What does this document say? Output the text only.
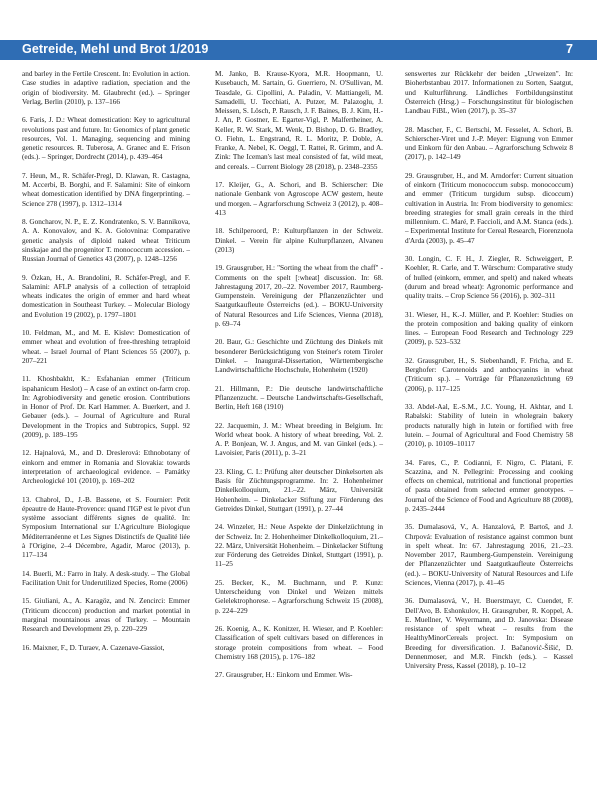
Getreide, Mehl und Brot 1/2019	7

and barley in the Fertile Crescent. In: Evolution in action. Case studies in adaptive radiation, speciation and the origin of biodiversity. M. Glaubrecht (ed.). – Springer Verlag, Berlin (2010), p. 137–166

6. Faris, J. D.: Wheat domestication: Key to agricultural revolutions past and future. In: Genomics of plant genetic resources, Vol. 1. Managing, sequencing and mining genetic resources. R. Tuberosa, A. Granec and E. Frison (eds.). – Springer, Dordrecht (2014), p. 439–464

7. Heun, M., R. Schäfer-Pregl, D. Klawan, R. Castagna, M. Accerbi, B. Borghi, and F. Salamini: Site of einkorn wheat domestication identified by DNA fingerprinting. – Science 278 (1997), p. 1312–1314

8. Goncharov, N. P., E. Z. Kondratenko, S. V. Bannikova, A. A. Konovalov, and K. A. Golovnina: Comparative genetic analysis of diploid naked wheat Triticum sinskajae and the progenitor T. monococcum accession. – Russian Journal of Genetics 43 (2007), p. 1248–1256

9. Özkan, H., A. Brandolini, R. Schäfer-Pregl, and F. Salamini: AFLP analysis of a collection of tetraploid wheats indicates the origin of emmer and hard wheat domestication in Southeast Turkey. – Molecular Biology and Evolution 19 (2002), p. 1797–1801

10. Feldman, M., and M. E. Kislev: Domestication of emmer wheat and evolution of free-threshing tetraploid wheat. – Israel Journal of Plant Sciences 55 (2007), p. 207–221

11. Khoshbakht, K.: Esfahanian emmer (Triticum ispahanicum Heslot) – A case of an extinct on-farm crop. In: Agrobiodiversity and genetic erosion. Contributions in Honor of Prof. Dr. Karl Hammer. A. Buerkert, and J. Gebauer (eds.). – Journal of Agriculture and Rural Development in the Tropics and Subtropics, Suppl. 92 (2009), p. 189–195

12. Hajnalová, M., and D. Dreslerová: Ethnobotany of einkorn and emmer in Romania and Slovakia: towards interpretation of archaeological evidence. – Památky Archeologické 101 (2010), p. 169–202

13. Chabrol, D., J.-B. Bassene, et S. Fournier: Petit épeautre de Haute-Provence: quand l'IGP est le pivot d'un système associant différents signes de qualité. In: Symposium International sur L'Agriculture Biologique Méditerranéenne et Les Signes Distinctifs de Qualité liée à l'Origine, 2–4 Décembre, Agadir, Maroc (2013), p. 117–134

14. Buerli, M.: Farro in Italy. A desk-study. – The Global Facilitation Unit for Underutilized Species, Rome (2006)

15. Giuliani, A., A. Karagöz, and N. Zencirci: Emmer (Triticum dicoccon) production and market potential in marginal mountainous areas of Turkey. – Mountain Research and Development 29, p. 220–229

16. Maixner, F., D. Turaev, A. Cazenave-Gassiot,

M. Janko, B. Krause-Kyora, M.R. Hoopmann, U. Kusebauch, M. Sartain, G. Guerriero, N. O'Sullivan, M. Teasdale, G. Cipollini, A. Paladin, V. Mattiangeli, M. Samadelli, U. Tecchiati, A. Putzer, M. Palazoglu, J. Meissen, S. Lösch, P. Rausch, J. F. Baines, B. J. Kim, H.-J. An, P. Gostner, E. Egarter-Vigl, P. Malfertheiner, A. Keller, R. W. Stark, M. Wenk, D. Bishop, D. G. Bradley, O. Fiehn, L. Engstrand, R. L. Moritz, P. Doble, A. Franke, A. Nebel, K. Oeggl, T. Rattei, R. Grimm, and A. Zink: The Iceman's last meal consisted of fat, wild meat, and cereals. – Current Biology 28 (2018), p. 2348–2355

17. Kleijer, G., A. Schori, and B. Schierscher: Die nationale Genbank von Agroscope ACW gestern, heute und morgen. – Agrarforschung Schweiz 3 (2012), p. 408–413

18. Schilperoord, P.: Kulturpflanzen in der Schweiz. Dinkel. – Verein für alpine Kulturpflanzen, Alvaneu (2013)

19. Grausgruber, H.: "Sorting the wheat from the chaff" - Comments on the spelt [:wheat] discussion. In: 68. Jahrestagung 2017, 20.–22. November 2017, Raumberg-Gumpenstein. Vereinigung der Pflanzenzüchter und Saatgutkaufleute Österreichs (ed.). – BOKU-University of Natural Resources and Life Sciences, Vienna (2018), p. 69–74

20. Baur, G.: Geschichte und Züchtung des Dinkels mit besonderer Berücksichtigung von Steiner's rotem Tiroler Dinkel. – Inaugural-Dissertation, Württembergische Landwirtschaftliche Hochschule, Hohenheim (1920)

21. Hillmann, P.: Die deutsche landwirtschaftliche Pflanzenzucht. – Deutsche Landwirtschafts-Gesellschaft, Berlin, Heft 168 (1910)

22. Jacquemin, J. M.: Wheat breeding in Belgium. In: World wheat book. A history of wheat breeding, Vol. 2. A. P. Bonjean, W. J. Angus, and M. van Ginkel (eds.). – Lavoisier, Paris (2011), p. 3–21

23. Kling, C. I.: Prüfung alter deutscher Dinkelsorten als Basis für Züchtungsprogramme. In: 2. Hohenheimer Dinkelkolloquium, 21.–22. März, Universität Hohenheim. – Dinkelacker Stiftung zur Förderung des Getreides Dinkel, Stuttgart (1991), p. 27–44

24. Winzeler, H.: Neue Aspekte der Dinkelzüchtung in der Schweiz. In: 2. Hohenheimer Dinkelkolloquium, 21.–22. März, Universität Hohenheim. – Dinkelacker Stiftung zur Förderung des Getreides Dinkel, Stuttgart (1991), p. 11–25

25. Becker, K., M. Buchmann, und P. Kunz: Unterscheidung von Dinkel und Weizen mittels Gelelektrophorese. – Agrarforschung Schweiz 15 (2008), p. 224–229

26. Koenig, A., K. Konitzer, H. Wieser, and P. Koehler: Classification of spelt cultivars based on differences in storage protein compositions from wheat. – Food Chemistry 168 (2015), p. 176–182

27. Grausgruber, H.: Einkorn und Emmer. Wis-

senswertes zur Rückkehr der beiden „Urweizen". In: Bioherbstanbau 2017. Informationen zu Sorten, Saatgut, und Kulturführung. Ländliches Fortbildungsinstitut Österreich (Hrsg.) – Forschungsinstitut für biologischen Landbau FiBL, Wien (2017), p. 35–37

28. Mascher, F., C. Bertschi, M. Fesselet, A. Schori, B. Schierscher-Viret und J.-P. Meyer: Eignung von Emmer und Einkorn für den Anbau. – Agrarforschung Schweiz 8 (2017), p. 142–149

29. Grausgruber, H., and M. Arndorfer: Current situation of einkorn (Triticum monococcum subsp. monococcum) and emmer (Triticum turgidum subsp. dicoccum) cultivation in Austria. In: From biodiversity to genomics: breeding strategies for small grain cereals in the third millennium. C. Maré, P. Faccioli, and A.M. Stanca (eds.). – Experimental Institute for Cereal Research, Fiorenzuola d'Arda (2003), p. 45–47

30. Longin, C. F. H., J. Ziegler, R. Schweiggert, P. Koehler, R. Carle, and T. Würschum: Comparative study of hulled (einkorn, emmer, and spelt) and naked wheats (durum and bread wheat): Agronomic performance and quality traits. – Crop Science 56 (2016), p. 302–311

31. Wieser, H., K.-J. Müller, and P. Koehler: Studies on the protein composition and baking quality of einkorn lines. – European Food Research and Technology 229 (2009), p. 523–532

32. Grausgruber, H., S. Siebenhandl, F. Fricha, and E. Berghofer: Carotenoids and anthocyanins in wheat (Triticum sp.). – Vorträge für Pflanzenzüchtung 69 (2006), p. 117–125

33. Abdel-Aal, E.-S.M., J.C. Young, H. Akhtar, and I. Rabalski: Stability of lutein in wholegrain bakery products naturally high in lutein or fortified with free lutein. – Journal of Agricultural and Food Chemistry 58 (2010), p. 10109–10117

34. Fares, C., P. Codianni, F. Nigro, C. Platani, F. Scazzina, and N. Pellegrini: Processing and cooking effects on chemical, nutritional and functional properties of pasta obtained from selected emmer genotypes. – Journal of the Science of Food and Agriculture 88 (2008), p. 2435–2444

35. Dumalasová, V., A. Hanzalová, P. Bartoš, and J. Chrpová: Evaluation of resistance against common bunt in spelt wheat. In: 67. Jahrestagung 2016, 21.–23. November 2017, Raumberg-Gumpenstein. Vereinigung der Pflanzenzüchter und Saatgutkaufleute Österreichs (ed.). – BOKU-University of Natural Resources and Life Sciences, Vienna (2017), p. 41–45

36. Dumalasová, V., H. Buerstmayr, C. Cuendet, F. Dell'Avo, B. Eshonkulov, H. Grausgruber, R. Koppel, A. E. Muellner, V. Weyermann, and D. Janovska: Disease resistance of spelt wheat – results from the HealthyMinorCereals project. In: Symposium on Breeding for diversification. J. Bačanović-Šišić, D. Dennenmoser, and M.R. Finckh (eds.). – Kassel University Press, Kassel (2018), p. 10–12
